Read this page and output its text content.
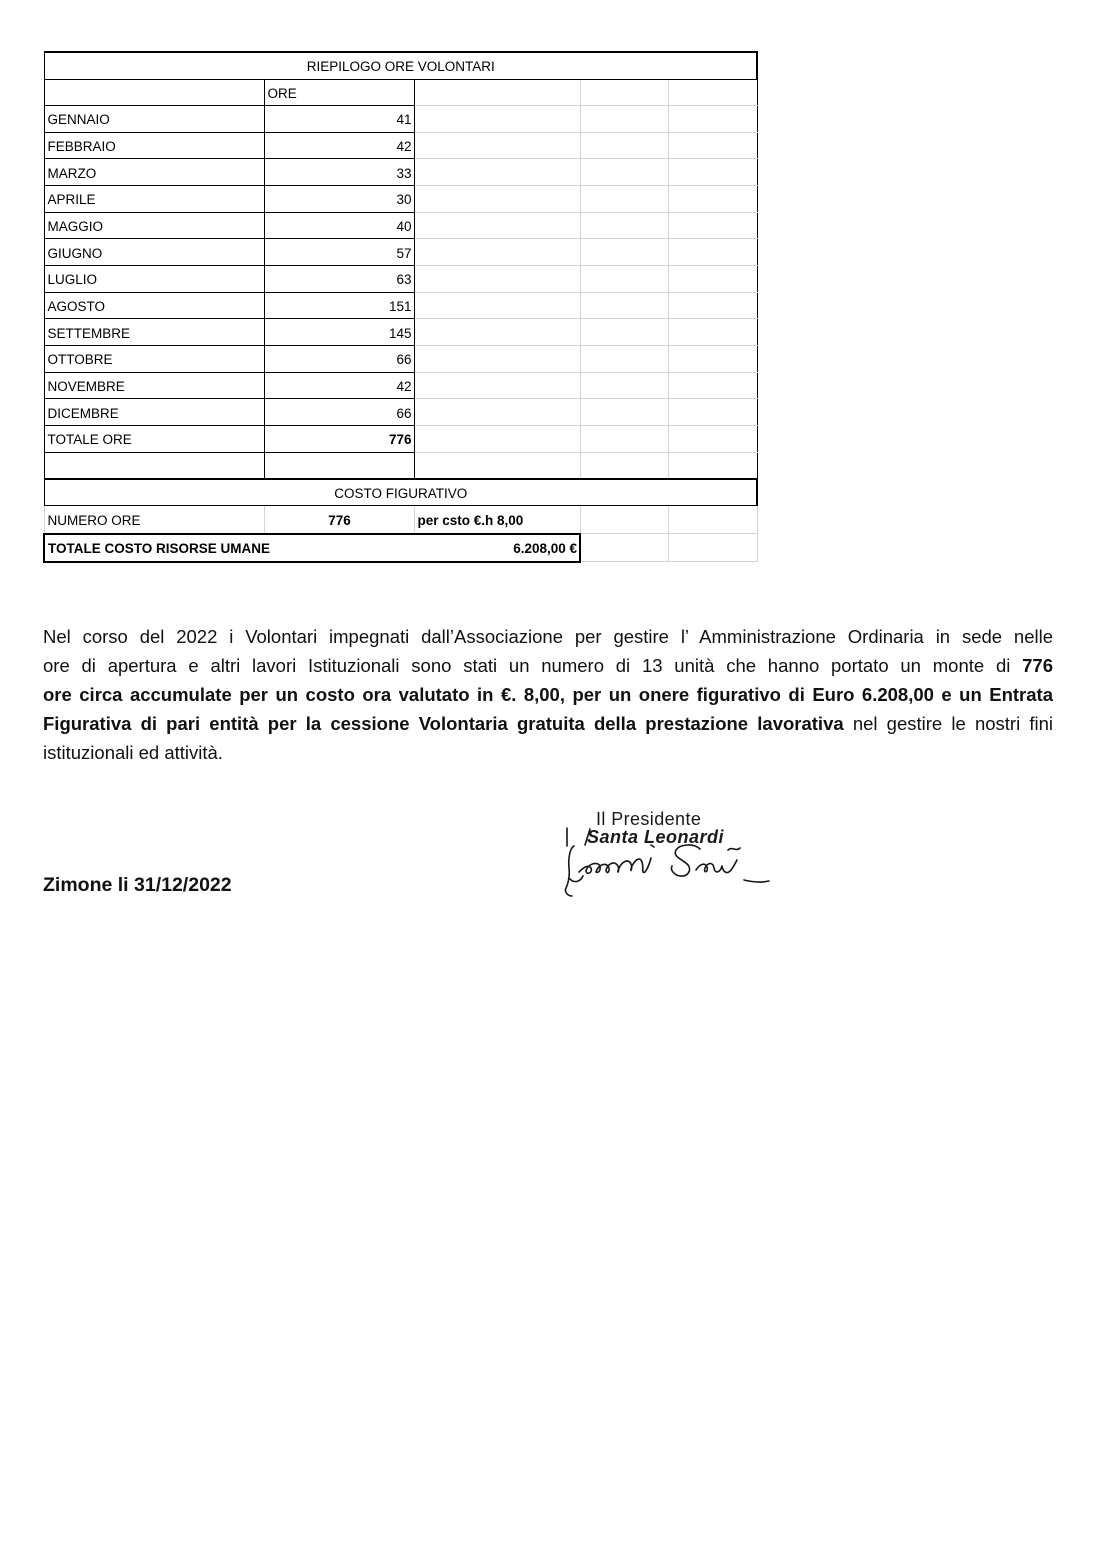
RIEPILOGO ORE VOLONTARI				
	ORE			
GENNAIO	41			
FEBBRAIO	42			
MARZO	33			
APRILE	30			
MAGGIO	40			
GIUGNO	57			
LUGLIO	63			
AGOSTO	151			
SETTEMBRE	145			
OTTOBRE	66			
NOVEMBRE	42			
DICEMBRE	66			
TOTALE ORE	776			

COSTO FIGURATIVO				
NUMERO ORE	776	per csto €.h 8,00		
TOTALE COSTO RISORSE UMANE		6.208,00 €		
Nel corso del 2022 i Volontari impegnati dall’Associazione per gestire l’ Amministrazione Ordinaria in sede nelle
ore di apertura e altri lavori Istituzionali sono stati un numero di 13 unità che hanno portato un monte di 776
ore circa accumulate per un costo ora valutato in €. 8,00, per un onere figurativo di Euro 6.208,00 e un Entrata
Figurativa di pari entità per la cessione Volontaria gratuita della prestazione lavorativa nel gestire le nostri fini
istituzionali ed attività.
Il Presidente
Santa Leonardi
Zimone li 31/12/2022
